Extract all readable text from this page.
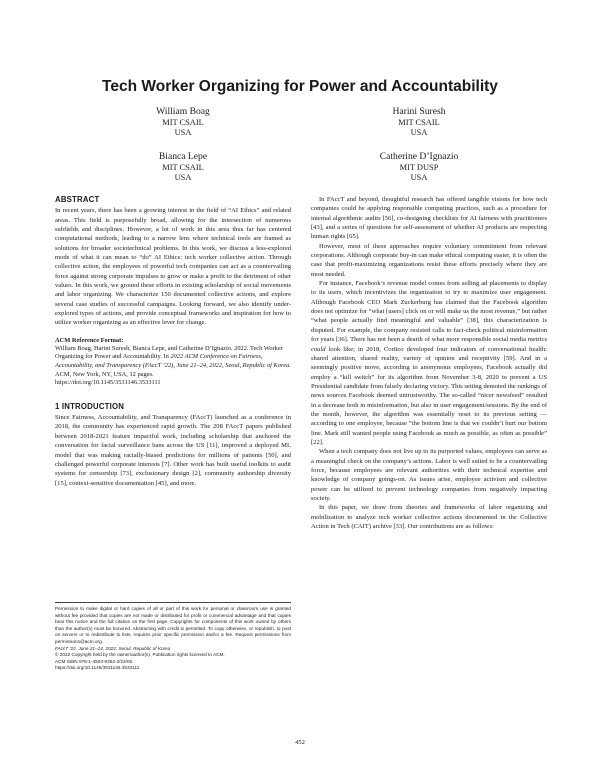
Tech Worker Organizing for Power and Accountability
William Boag
MIT CSAIL
USA
Harini Suresh
MIT CSAIL
USA
Bianca Lepe
MIT CSAIL
USA
Catherine D’Ignazio
MIT DUSP
USA
ABSTRACT

In recent years, there has been a growing interest in the field of “AI Ethics” and related areas. This field is purposefully broad, allowing for the intersection of numerous subfields and disciplines. However, a lot of work in this area thus far has centered computational methods, leading to a narrow lens where technical tools are framed as solutions for broader sociotechnical problems. In this work, we discuss a less-explored mode of what it can mean to “do” AI Ethics: tech worker collective action. Through collective action, the employees of powerful tech companies can act as a countervailing force against strong corporate impulses to grow or make a profit to the detriment of other values. In this work, we ground these efforts in existing scholarship of social movements and labor organizing. We characterize 150 documented collective actions, and explore several case studies of successful campaigns. Looking forward, we also identify under-explored types of actions, and provide conceptual frameworks and inspiration for how to utilize worker organizing as an effective lever for change.

ACM Reference Format:
William Boag, Harini Suresh, Bianca Lepe, and Catherine D’Ignazio. 2022. Tech Worker Organizing for Power and Accountability. In 2022 ACM Conference on Fairness, Accountability, and Transparency (FAccT ’22), June 21–24, 2022, Seoul, Republic of Korea. ACM, New York, NY, USA, 12 pages.
https://doi.org/10.1145/3531146.3533111
1 INTRODUCTION

Since Fairness, Accountability, and Transparency (FAccT) launched as a conference in 2018, the community has experienced rapid growth. The 208 FAccT papers published between 2018-2021 feature impactful work, including scholarship that anchored the conversation for facial surveillance bans across the US [11], improved a deployed ML model that was making racially-biased predictions for millions of patients [50], and challenged powerful corporate interests [7]. Other work has built useful toolkits to audit systems for censorship [73], exclusionary design [2], community authorship diversity [15], context-sensitive documentation [45], and more.

Permission to make digital or hard copies of all or part of this work for personal or classroom use is granted without fee provided that copies are not made or distributed for profit or commercial advantage and that copies bear this notice and the full citation on the first page. Copyrights for components of this work owned by others than the author(s) must be honored. Abstracting with credit is permitted. To copy otherwise, or republish, to post on servers or to redistribute to lists, requires prior specific permission and/or a fee. Request permissions from permissions@acm.org.
FAccT ’22, June 21–24, 2022, Seoul, Republic of Korea
© 2022 Copyright held by the owner/author(s). Publication rights licensed to ACM.
ACM ISBN 978-1-4503-9352-2/22/06.
https://doi.org/10.1145/3531146.3533111

In FAccT and beyond, thoughtful research has offered tangible visions for how tech companies could be applying responsible computing practices, such as a procedure for internal algorithmic audits [56], co-designing checklists for AI fairness with practitioners [43], and a series of questions for self-assessment of whether AI products are respecting human rights [65].

However, most of these approaches require voluntary commitment from relevant corporations. Although corporate buy-in can make ethical computing easier, it is often the case that profit-maximizing organizations resist these efforts precisely where they are most needed.

For instance, Facebook’s revenue model comes from selling ad placements to display to its users, which incentivizes the organization to try to maximize user engagement. Although Facebook CEO Mark Zuckerburg has claimed that the Facebook algorithm does not optimize for “what [users] click on or will make us the most revenue,” but rather “what people actually find meaningful and valuable” [38], this characterization is disputed. For example, the company resisted calls to fact-check political misinformation for years [36]. There has not been a dearth of what more responsible social media metrics could look like; in 2018, Cortico developed four indicators of conversational health: shared attention, shared reality, variety of opinion and receptivity [59]. And in a seemingly positive move, according to anonymous employees, Facebook actually did employ a “kill switch” for its algorithm from November 3-8, 2020 to prevent a US Presidential candidate from falsely declaring victory. This setting demoted the rankings of news sources Facebook deemed untrustworthy. The so-called “nicer newsfeed” resulted in a decrease both in misinformation, but also in user engagement/sessions. By the end of the month, however, the algorithm was essentially reset to its previous setting — according to one employee, because “the bottom line is that we couldn’t hurt our bottom line. Mark still wanted people using Facebook as much as possible, as often as possible” [22].

When a tech company does not live up to its purported values, employees can serve as a meaningful check on the company’s actions. Labor is well suited to be a countervailing force, because employees are relevant authorities with their technical expertise and knowledge of company goings-on. As issues arise, employee activism and collective power can be utilized to prevent technology companies from negatively impacting society.

In this paper, we draw from theories and frameworks of labor organizing and mobilization to analyze tech worker collective actions documented in the Collective Action in Tech (CAIT) archive [33]. Our contributions are as follows:

452
